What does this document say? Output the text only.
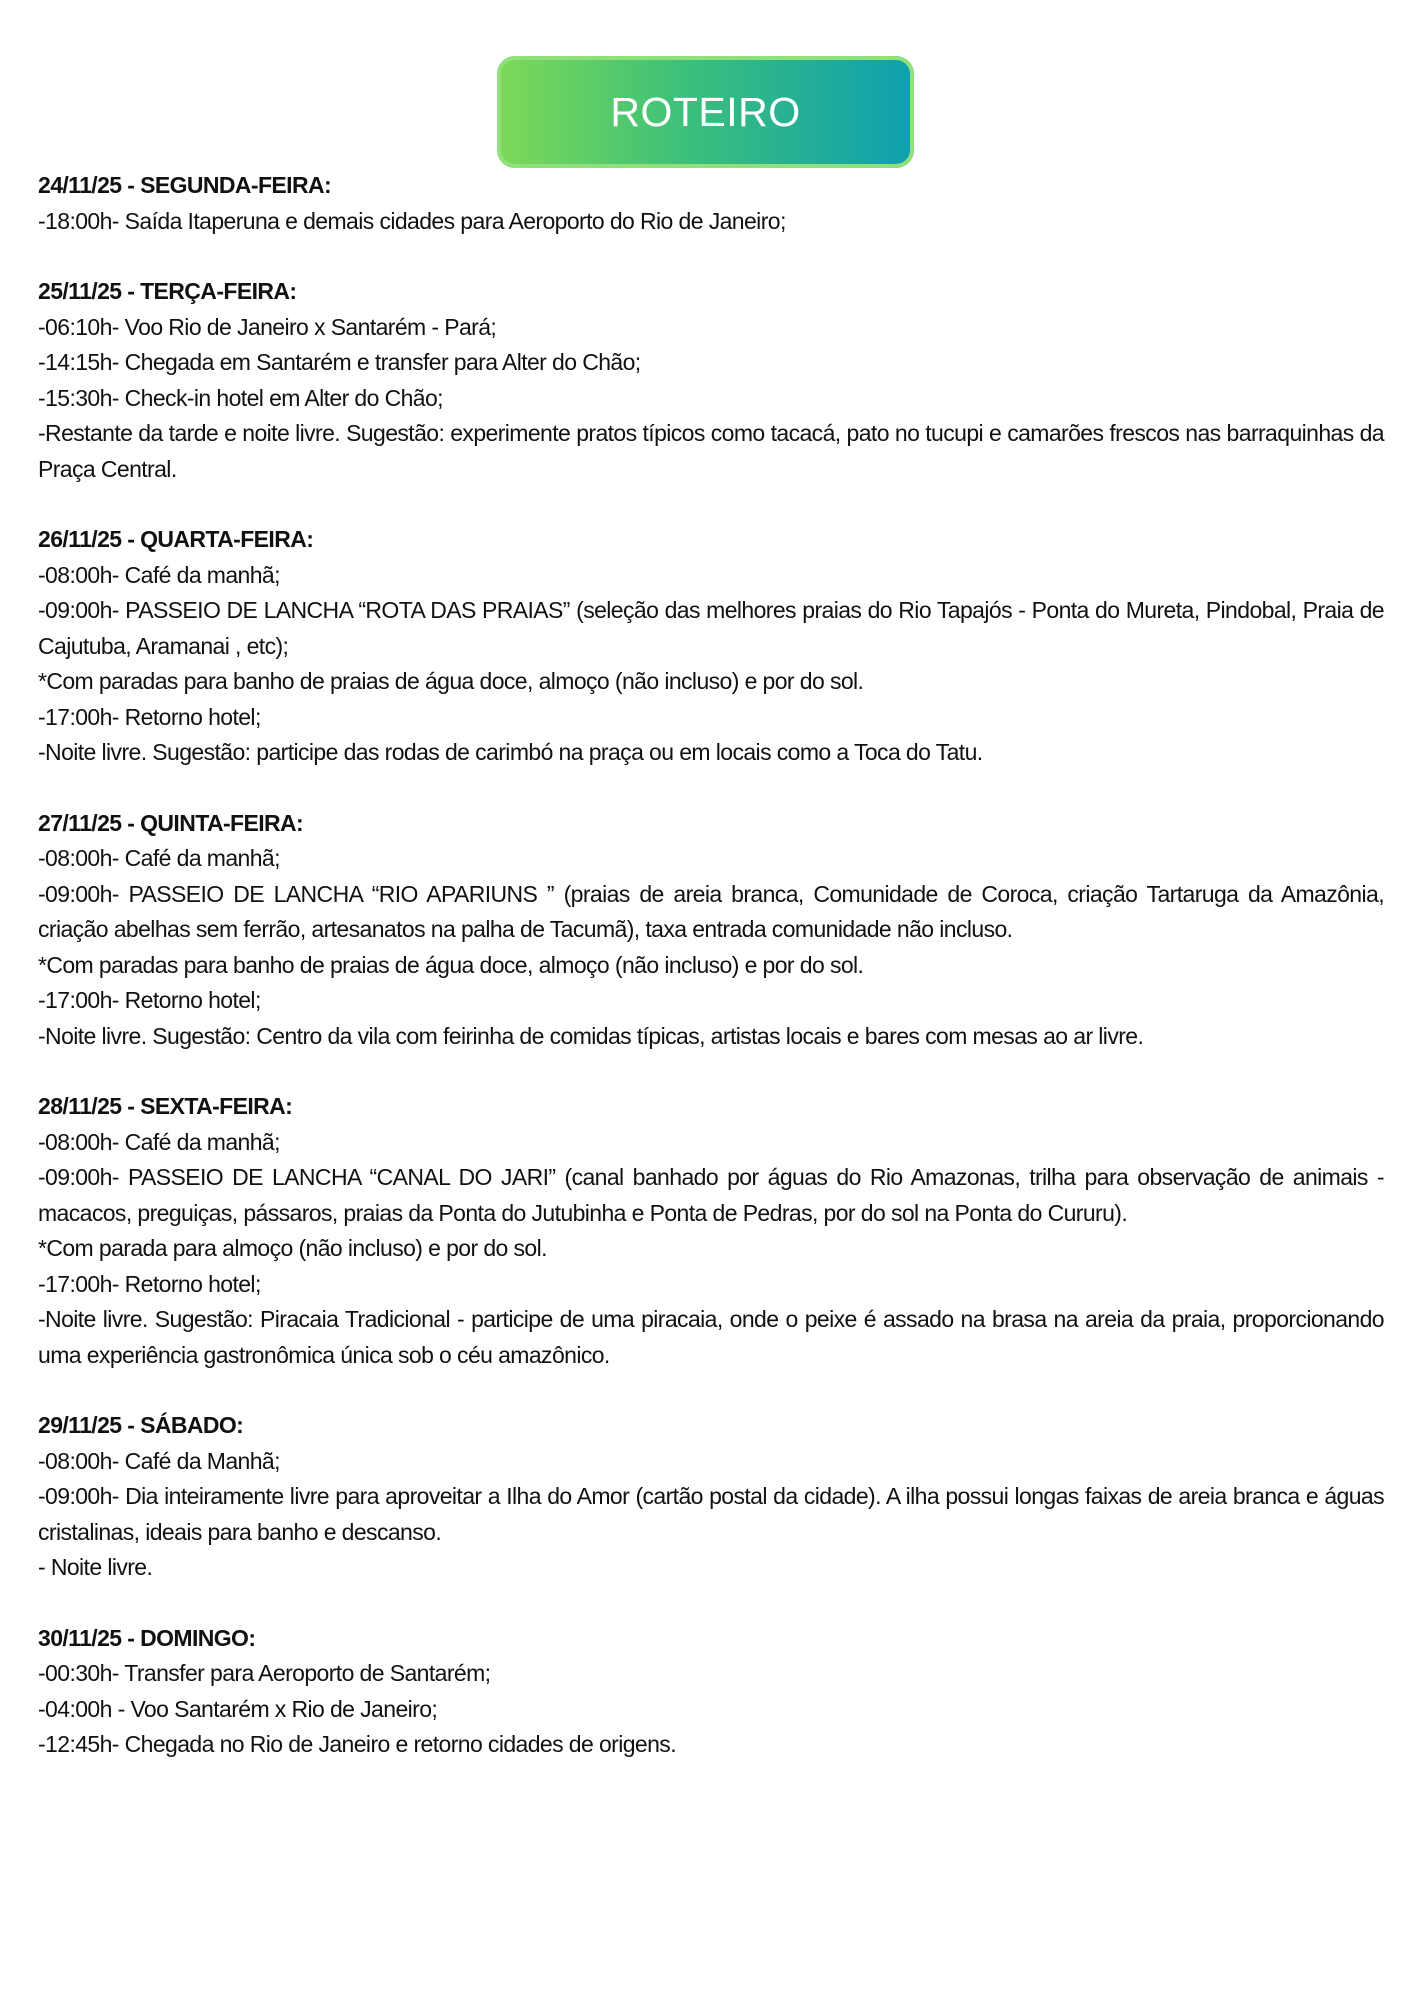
ROTEIRO
24/11/25 - SEGUNDA-FEIRA:
-18:00h- Saída Itaperuna e demais cidades para Aeroporto do Rio de Janeiro;
25/11/25 - TERÇA-FEIRA:
-06:10h- Voo Rio de Janeiro x Santarém - Pará;
-14:15h- Chegada em Santarém e transfer para Alter do Chão;
-15:30h- Check-in hotel em Alter do Chão;
-Restante da tarde e noite livre. Sugestão: experimente pratos típicos como tacacá, pato no tucupi e camarões frescos nas barraquinhas da Praça Central.
26/11/25 - QUARTA-FEIRA:
-08:00h- Café da manhã;
-09:00h- PASSEIO DE LANCHA “ROTA DAS PRAIAS” (seleção das melhores praias do Rio Tapajós - Ponta do Mureta, Pindobal, Praia de Cajutuba, Aramanai , etc);
*Com paradas para banho de praias de água doce, almoço (não incluso) e por do sol.
-17:00h- Retorno hotel;
-Noite livre. Sugestão: participe das rodas de carimbó na praça ou em locais como a Toca do Tatu.
27/11/25 - QUINTA-FEIRA:
-08:00h- Café da manhã;
-09:00h- PASSEIO DE LANCHA “RIO APARIUNS ” (praias de areia branca, Comunidade de Coroca, criação Tartaruga da Amazônia, criação abelhas sem ferrão, artesanatos na palha de Tacumã), taxa entrada comunidade não incluso.
*Com paradas para banho de praias de água doce, almoço (não incluso) e por do sol.
-17:00h- Retorno hotel;
-Noite livre. Sugestão: Centro da vila com feirinha de comidas típicas, artistas locais e bares com mesas ao ar livre.
28/11/25 - SEXTA-FEIRA:
-08:00h- Café da manhã;
-09:00h- PASSEIO DE LANCHA “CANAL DO JARI” (canal banhado por águas do Rio Amazonas, trilha para observação de animais - macacos, preguiças, pássaros, praias da Ponta do Jutubinha e Ponta de Pedras, por do sol na Ponta do Cururu).
*Com parada para almoço (não incluso) e por do sol.
-17:00h- Retorno hotel;
-Noite livre. Sugestão: Piracaia Tradicional - participe de uma piracaia, onde o peixe é assado na brasa na areia da praia, proporcionando uma experiência gastronômica única sob o céu amazônico.
29/11/25 - SÁBADO:
-08:00h- Café da Manhã;
-09:00h- Dia inteiramente livre para aproveitar a Ilha do Amor (cartão postal da cidade). A ilha possui longas faixas de areia branca e águas cristalinas, ideais para banho e descanso.
- Noite livre.
30/11/25 - DOMINGO:
-00:30h- Transfer para Aeroporto de Santarém;
-04:00h - Voo Santarém x Rio de Janeiro;
-12:45h- Chegada no Rio de Janeiro e retorno cidades de origens.
